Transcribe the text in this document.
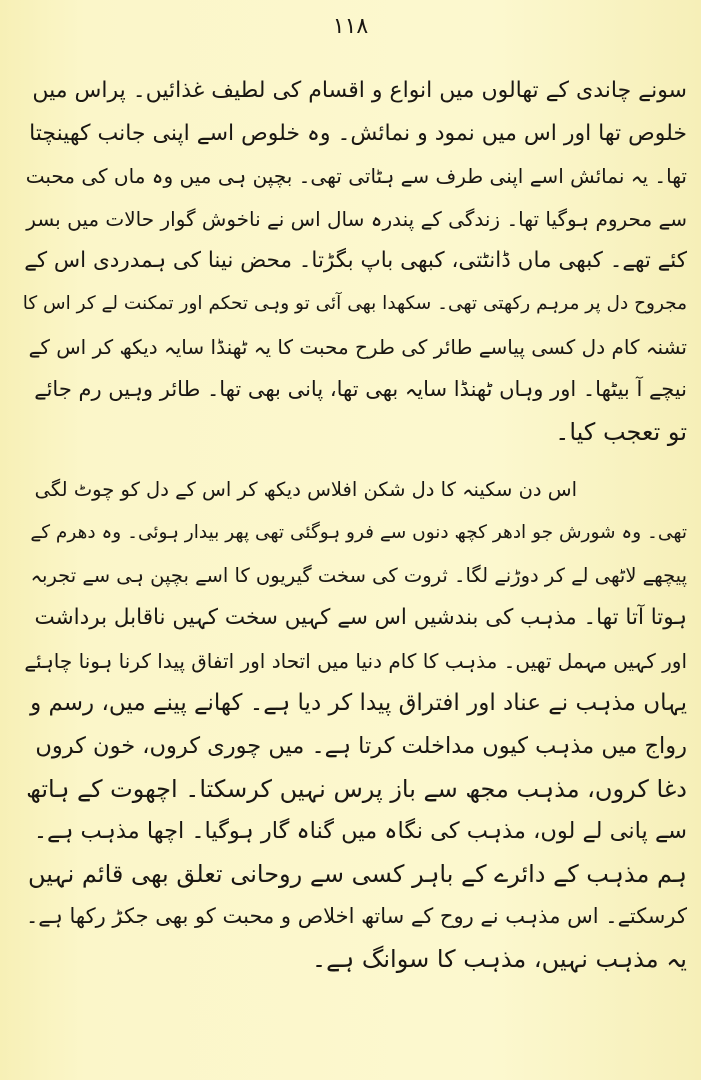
۱۱۸
سونے چاندی کے تھالوں میں انواع و اقسام کی لطیف غذائیں۔ پراس میں
خلوص تھا اور اس میں نمود و نمائش۔ وہ خلوص اسے اپنی جانب کھینچتا
تھا۔ یہ نمائش اسے اپنی طرف سے ہٹاتی تھی۔ بچپن ہی میں وہ ماں کی محبت
سے محروم ہوگیا تھا۔ زندگی کے پندرہ سال اس نے ناخوش گوار حالات میں بسر
کئے تھے۔ کبھی ماں ڈانٹتی، کبھی باپ بگڑتا۔ محض نینا کی ہمدردی اس کے
مجروح دل پر مرہم رکھتی تھی۔ سکھدا بھی آئی تو وہی تحکم اور تمکنت لے کر اس کا
تشنہ کام دل کسی پیاسے طائر کی طرح محبت کا یہ ٹھنڈا سایہ دیکھ کر اس کے
نیچے آ بیٹھا۔ اور وہاں ٹھنڈا سایہ بھی تھا، پانی بھی تھا۔ طائر وہیں رم جائے
تو تعجب کیا۔
اس دن سکینہ کا دل شکن افلاس دیکھ کر اس کے دل کو چوٹ لگی
تھی۔ وہ شورش جو ادھر کچھ دنوں سے فرو ہوگئی تھی پھر بیدار ہوئی۔ وہ دھرم کے
پیچھے لاٹھی لے کر دوڑنے لگا۔ ثروت کی سخت گیریوں کا اسے بچپن ہی سے تجربہ
ہوتا آتا تھا۔ مذہب کی بندشیں اس سے کہیں سخت کہیں ناقابل برداشت
اور کہیں مہمل تھیں۔ مذہب کا کام دنیا میں اتحاد اور اتفاق پیدا کرنا ہونا چاہئے
یہاں مذہب نے عناد اور افتراق پیدا کر دیا ہے۔ کھانے پینے میں، رسم و
رواج میں مذہب کیوں مداخلت کرتا ہے۔ میں چوری کروں، خون کروں
دغا کروں، مذہب مجھ سے باز پرس نہیں کرسکتا۔ اچھوت کے ہاتھ
سے پانی لے لوں، مذہب کی نگاہ میں گناہ گار ہوگیا۔ اچھا مذہب ہے۔
ہم مذہب کے دائرے کے باہر کسی سے روحانی تعلق بھی قائم نہیں
کرسکتے۔ اس مذہب نے روح کے ساتھ اخلاص و محبت کو بھی جکڑ رکھا ہے۔
یہ مذہب نہیں، مذہب کا سوانگ ہے۔
